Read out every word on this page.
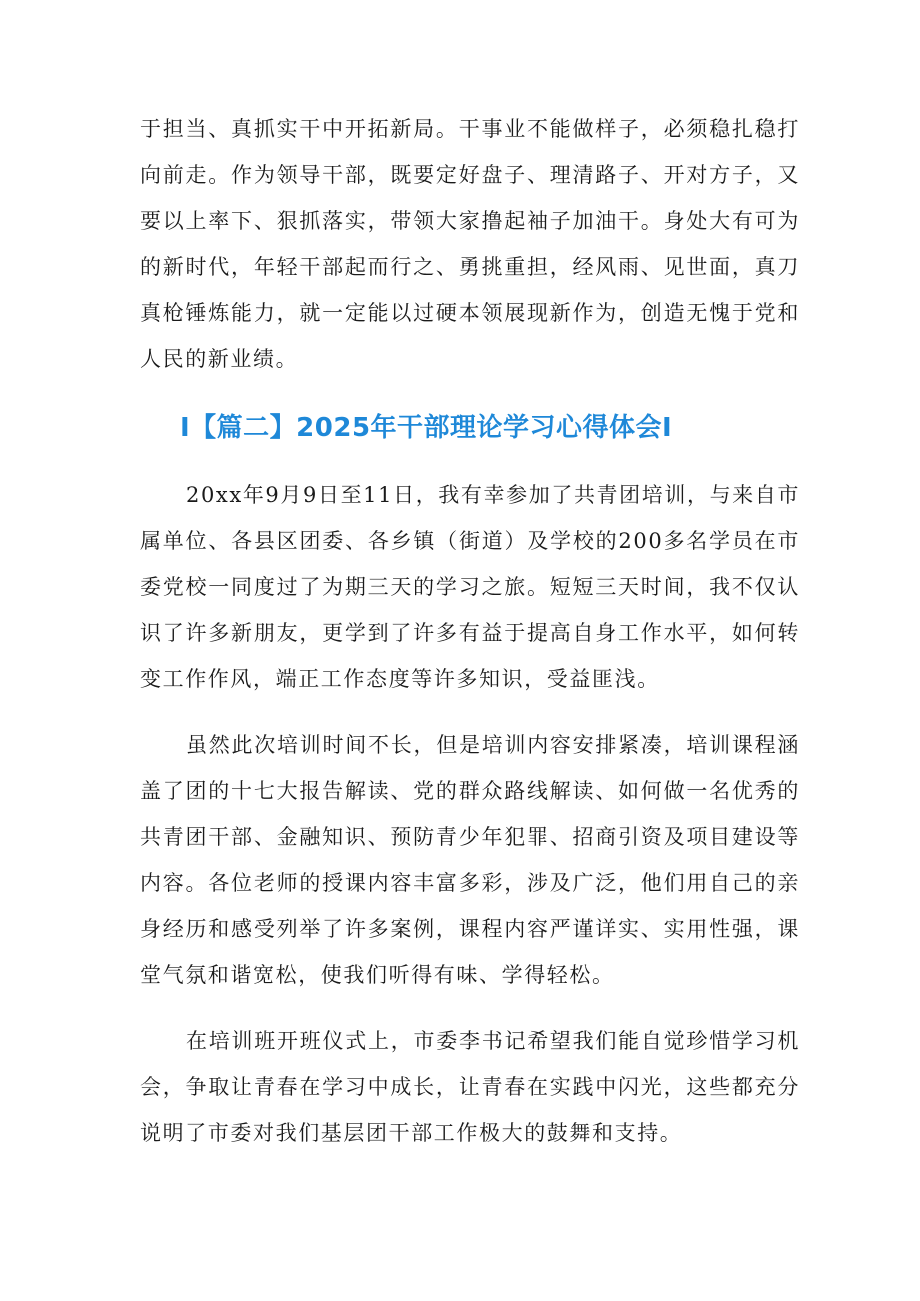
于担当、真抓实干中开拓新局。干事业不能做样子，必须稳扎稳打向前走。作为领导干部，既要定好盘子、理清路子、开对方子，又要以上率下、狠抓落实，带领大家撸起袖子加油干。身处大有可为的新时代，年轻干部起而行之、勇挑重担，经风雨、见世面，真刀真枪锤炼能力，就一定能以过硬本领展现新作为，创造无愧于党和人民的新业绩。

I【篇二】2025年干部理论学习心得体会I

20xx年9月9日至11日，我有幸参加了共青团培训，与来自市属单位、各县区团委、各乡镇（街道）及学校的200多名学员在市委党校一同度过了为期三天的学习之旅。短短三天时间，我不仅认识了许多新朋友，更学到了许多有益于提高自身工作水平，如何转变工作作风，端正工作态度等许多知识，受益匪浅。

虽然此次培训时间不长，但是培训内容安排紧凑，培训课程涵盖了团的十七大报告解读、党的群众路线解读、如何做一名优秀的共青团干部、金融知识、预防青少年犯罪、招商引资及项目建设等内容。各位老师的授课内容丰富多彩，涉及广泛，他们用自己的亲身经历和感受列举了许多案例，课程内容严谨详实、实用性强，课堂气氛和谐宽松，使我们听得有味、学得轻松。

在培训班开班仪式上，市委李书记希望我们能自觉珍惜学习机会，争取让青春在学习中成长，让青春在实践中闪光，这些都充分说明了市委对我们基层团干部工作极大的鼓舞和支持。
